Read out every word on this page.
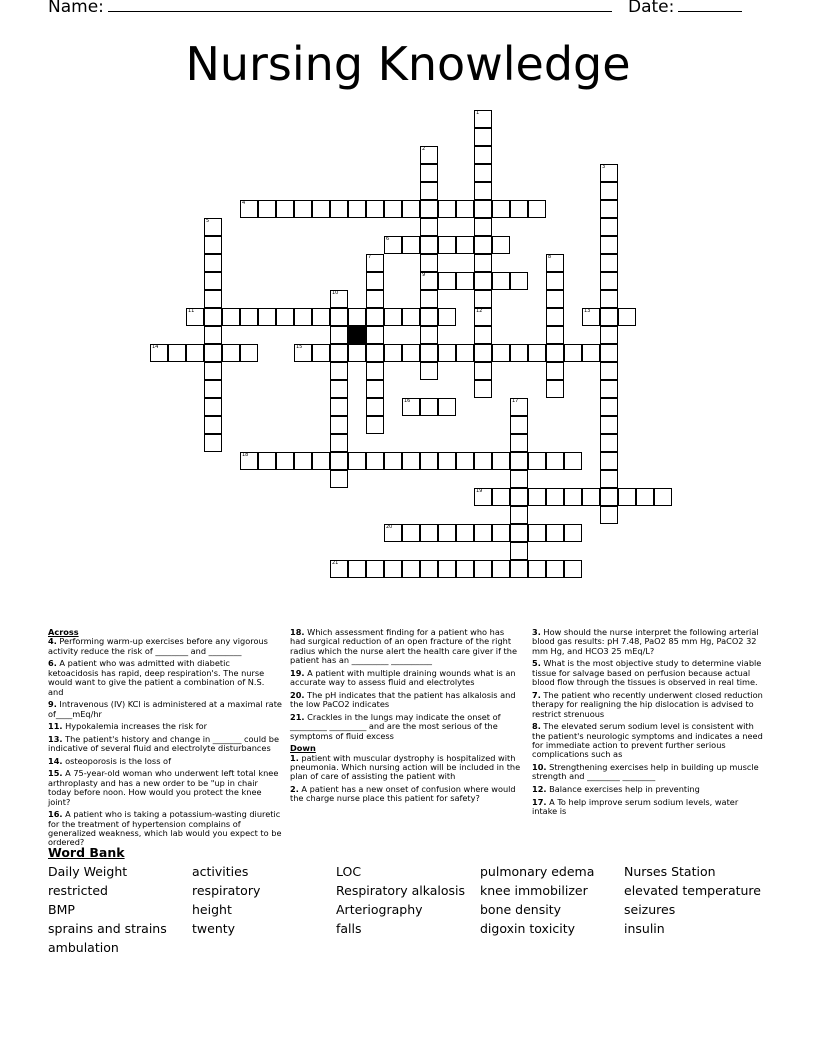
Name:	Date:
Nursing Knowledge
4
6
9
11	13
14	15
16
18
19
20
21
1
12
2
3
5
7	8
10
17
Across
4. Performing warm-up exercises before any vigorous activity reduce the risk of ________ and ________
6. A patient who was admitted with diabetic ketoacidosis has rapid, deep respiration's. The nurse would want to give the patient a combination of N.S. and
9. Intravenous (IV) KCl is administered at a maximal rate of____mEq/hr
11. Hypokalemia increases the risk for
13. The patient's history and change in _______ could be indicative of several fluid and electrolyte disturbances
14. osteoporosis is the loss of
15. A 75-year-old woman who underwent left total knee arthroplasty and has a new order to be "up in chair today before noon. How would you protect the knee joint?
16. A patient who is taking a potassium-wasting diuretic for the treatment of hypertension complains of generalized weakness, which lab would you expect to be ordered?
18. Which assessment finding for a patient who has had surgical reduction of an open fracture of the right radius which the nurse alert the health care giver if the patient has an _________ __________
19. A patient with multiple draining wounds what is an accurate way to assess fluid and electrolytes
20. The pH indicates that the patient has alkalosis and the low PaCO2 indicates
21. Crackles in the lungs may indicate the onset of _________ _________ and are the most serious of the symptoms of fluid excess
Down
1. patient with muscular dystrophy is hospitalized with pneumonia. Which nursing action will be included in the plan of care of assisting the patient with
2. A patient has a new onset of confusion where would the charge nurse place this patient for safety?
3. How should the nurse interpret the following arterial blood gas results: pH 7.48, PaO2 85 mm Hg, PaCO2 32 mm Hg, and HCO3 25 mEq/L?
5. What is the most objective study to determine viable tissue for salvage based on perfusion because actual blood flow through the tissues is observed in real time.
7. The patient who recently underwent closed reduction therapy for realigning the hip dislocation is advised to restrict strenuous
8. The elevated serum sodium level is consistent with the patient's neurologic symptoms and indicates a need for immediate action to prevent further serious complications such as
10. Strengthening exercises help in building up muscle strength and ________ ________
12. Balance exercises help in preventing
17. A To help improve serum sodium levels, water intake is
Word Bank
Daily Weight
restricted
BMP
sprains and strains
ambulation
activities
respiratory
height
twenty
LOC
Respiratory alkalosis
Arteriography
falls
pulmonary edema
knee immobilizer
bone density
digoxin toxicity
Nurses Station
elevated temperature
seizures
insulin
